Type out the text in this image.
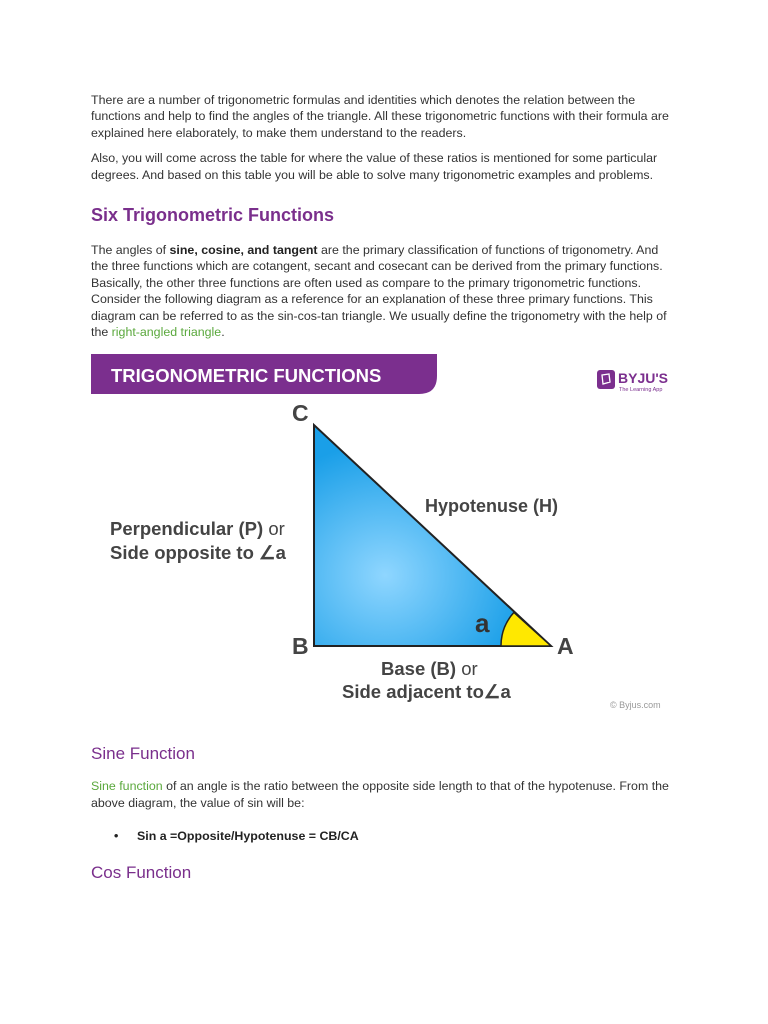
There are a number of trigonometric formulas and identities which denotes the relation between the functions and help to find the angles of the triangle. All these trigonometric functions with their formula are explained here elaborately, to make them understand to the readers.

Also, you will come across the table for where the value of these ratios is mentioned for some particular degrees. And based on this table you will be able to solve many trigonometric examples and problems.

Six Trigonometric Functions

The angles of sine, cosine, and tangent are the primary classification of functions of trigonometry. And the three functions which are cotangent, secant and cosecant can be derived from the primary functions. Basically, the other three functions are often used as compare to the primary trigonometric functions. Consider the following diagram as a reference for an explanation of these three primary functions. This diagram can be referred to as the sin-cos-tan triangle. We usually define the trigonometry with the help of the right-angled triangle.

TRIGONOMETRIC FUNCTIONS	BYJU'S
The Learning App
C
B	A
a
Hypotenuse (H)
Perpendicular (P) or
Side opposite to ∠a
Base (B) or
Side adjacent to∠a
© Byjus.com
Sine Function

Sine function of an angle is the ratio between the opposite side length to that of the hypotenuse. From the above diagram, the value of sin will be:

• Sin a =Opposite/Hypotenuse = CB/CA
Cos Function
